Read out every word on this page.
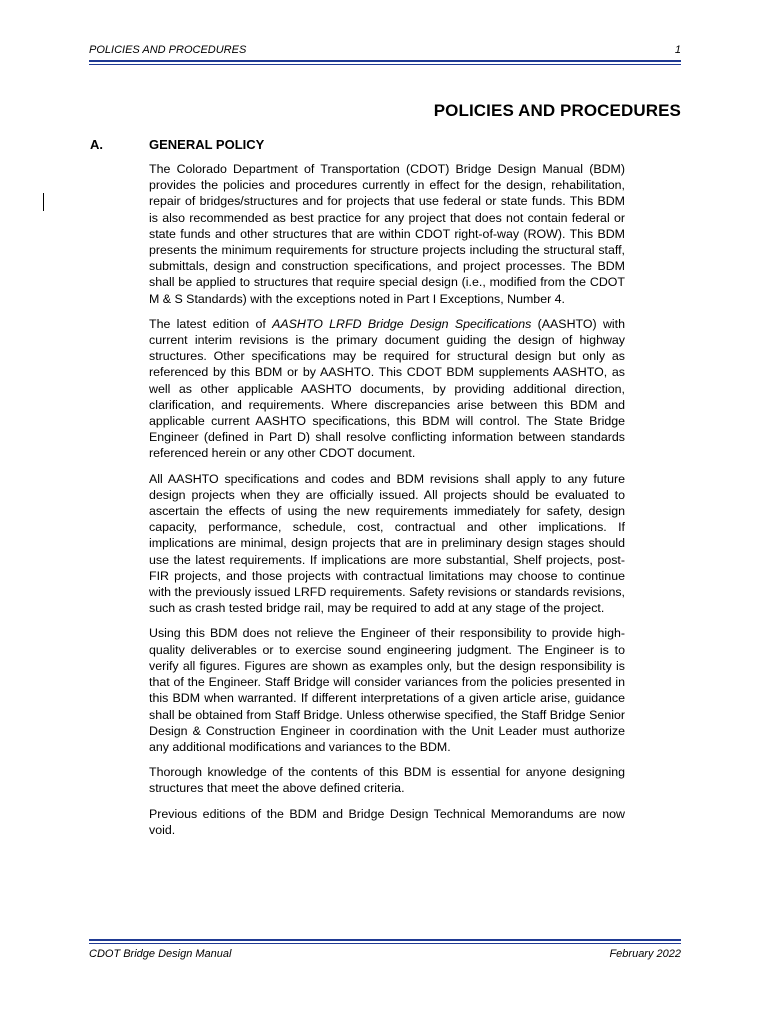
POLICIES AND PROCEDURES	1
POLICIES AND PROCEDURES
A.	GENERAL POLICY

The Colorado Department of Transportation (CDOT) Bridge Design Manual (BDM) provides the policies and procedures currently in effect for the design, rehabilitation, repair of bridges/structures and for projects that use federal or state funds. This BDM is also recommended as best practice for any project that does not contain federal or state funds and other structures that are within CDOT right-of-way (ROW). This BDM presents the minimum requirements for structure projects including the structural staff, submittals, design and construction specifications, and project processes. The BDM shall be applied to structures that require special design (i.e., modified from the CDOT M & S Standards) with the exceptions noted in Part I Exceptions, Number 4.

The latest edition of AASHTO LRFD Bridge Design Specifications (AASHTO) with current interim revisions is the primary document guiding the design of highway structures. Other specifications may be required for structural design but only as referenced by this BDM or by AASHTO. This CDOT BDM supplements AASHTO, as well as other applicable AASHTO documents, by providing additional direction, clarification, and requirements. Where discrepancies arise between this BDM and applicable current AASHTO specifications, this BDM will control. The State Bridge Engineer (defined in Part D) shall resolve conflicting information between standards referenced herein or any other CDOT document.

All AASHTO specifications and codes and BDM revisions shall apply to any future design projects when they are officially issued. All projects should be evaluated to ascertain the effects of using the new requirements immediately for safety, design capacity, performance, schedule, cost, contractual and other implications. If implications are minimal, design projects that are in preliminary design stages should use the latest requirements. If implications are more substantial, Shelf projects, post-FIR projects, and those projects with contractual limitations may choose to continue with the previously issued LRFD requirements. Safety revisions or standards revisions, such as crash tested bridge rail, may be required to add at any stage of the project.

Using this BDM does not relieve the Engineer of their responsibility to provide high-quality deliverables or to exercise sound engineering judgment. The Engineer is to verify all figures. Figures are shown as examples only, but the design responsibility is that of the Engineer. Staff Bridge will consider variances from the policies presented in this BDM when warranted. If different interpretations of a given article arise, guidance shall be obtained from Staff Bridge. Unless otherwise specified, the Staff Bridge Senior Design & Construction Engineer in coordination with the Unit Leader must authorize any additional modifications and variances to the BDM.

Thorough knowledge of the contents of this BDM is essential for anyone designing structures that meet the above defined criteria.

Previous editions of the BDM and Bridge Design Technical Memorandums are now void.

CDOT Bridge Design Manual	February 2022
